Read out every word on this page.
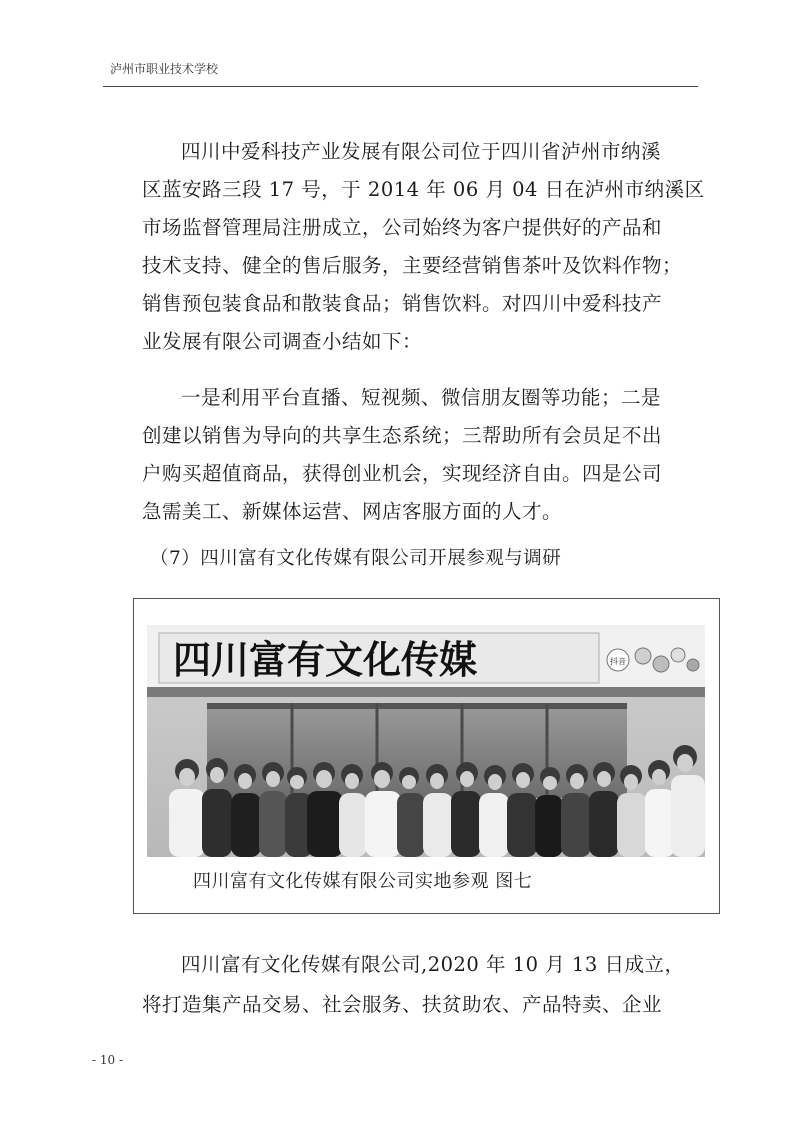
泸州市职业技术学校

四川中爱科技产业发展有限公司位于四川省泸州市纳溪

区蓝安路三段 17 号，于 2014 年 06 月 04 日在泸州市纳溪区

市场监督管理局注册成立，公司始终为客户提供好的产品和

技术支持、健全的售后服务，主要经营销售茶叶及饮料作物；

销售预包装食品和散装食品；销售饮料。对四川中爱科技产

业发展有限公司调查小结如下：

一是利用平台直播、短视频、微信朋友圈等功能；二是

创建以销售为导向的共享生态系统；三帮助所有会员足不出

户购买超值商品，获得创业机会，实现经济自由。四是公司

急需美工、新媒体运营、网店客服方面的人才。

（7）四川富有文化传媒有限公司开展参观与调研

抖音
四川富有文化传媒
四川富有文化传媒有限公司实地参观 图七

四川富有文化传媒有限公司,2020 年 10 月 13 日成立，

将打造集产品交易、社会服务、扶贫助农、产品特卖、企业

- 10 -
